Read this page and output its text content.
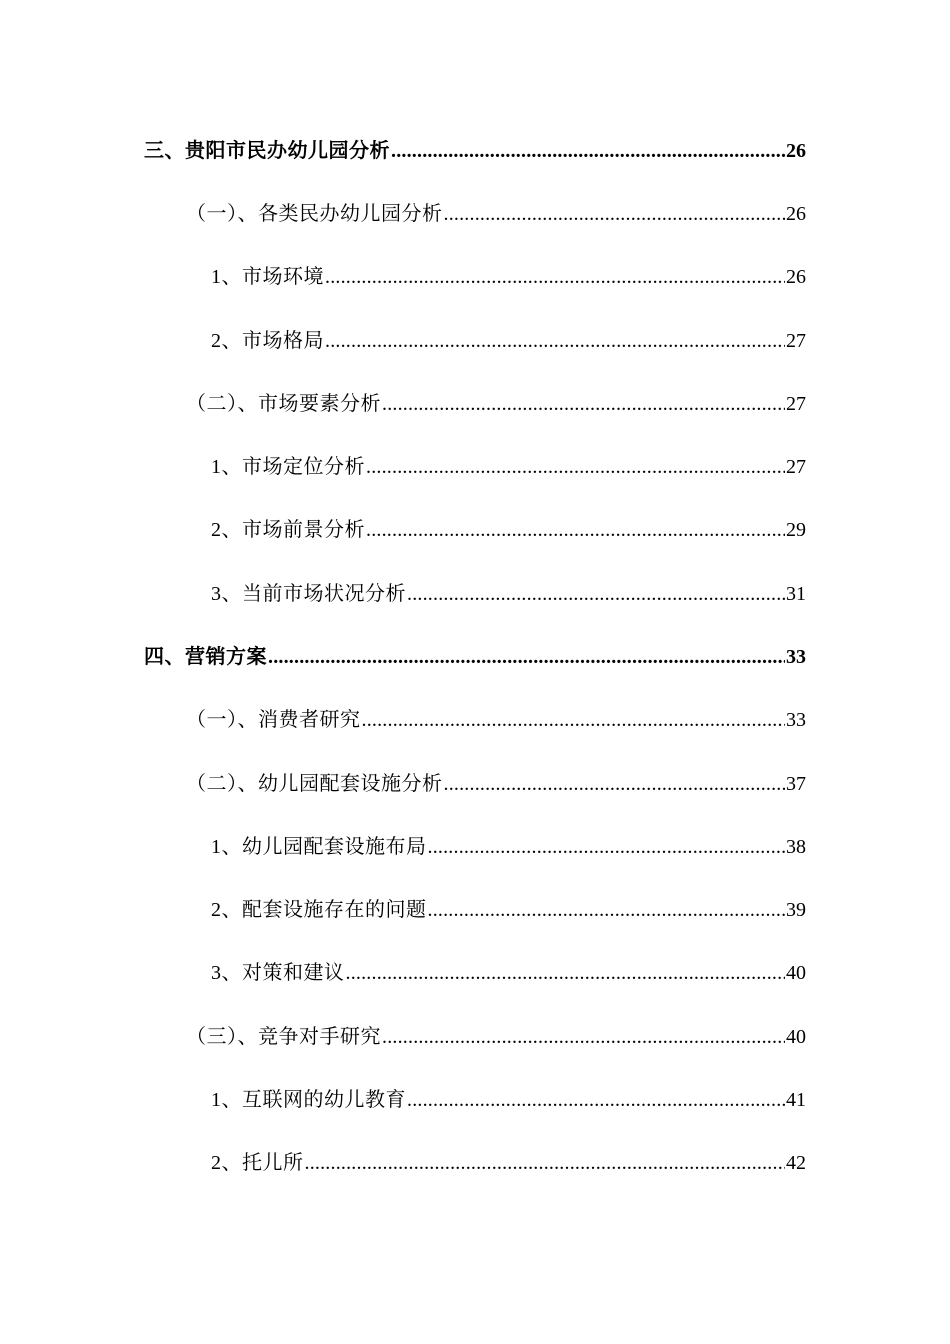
三、贵阳市民办幼儿园分析 .....	26
（一）、各类民办幼儿园分析 .....	26
1、市场环境 .....	26
2、市场格局 .....	27
（二）、市场要素分析 .....	27
1、市场定位分析 .....	27
2、市场前景分析 .....	29
3、当前市场状况分析 .....	31
四、营销方案 .....	33
（一）、消费者研究 .....	33
（二）、幼儿园配套设施分析 .....	37
1、幼儿园配套设施布局 .....	38
2、配套设施存在的问题 .....	39
3、对策和建议 .....	40
（三）、竞争对手研究 .....	40
1、互联网的幼儿教育 .....	41
2、托儿所 .....	42
